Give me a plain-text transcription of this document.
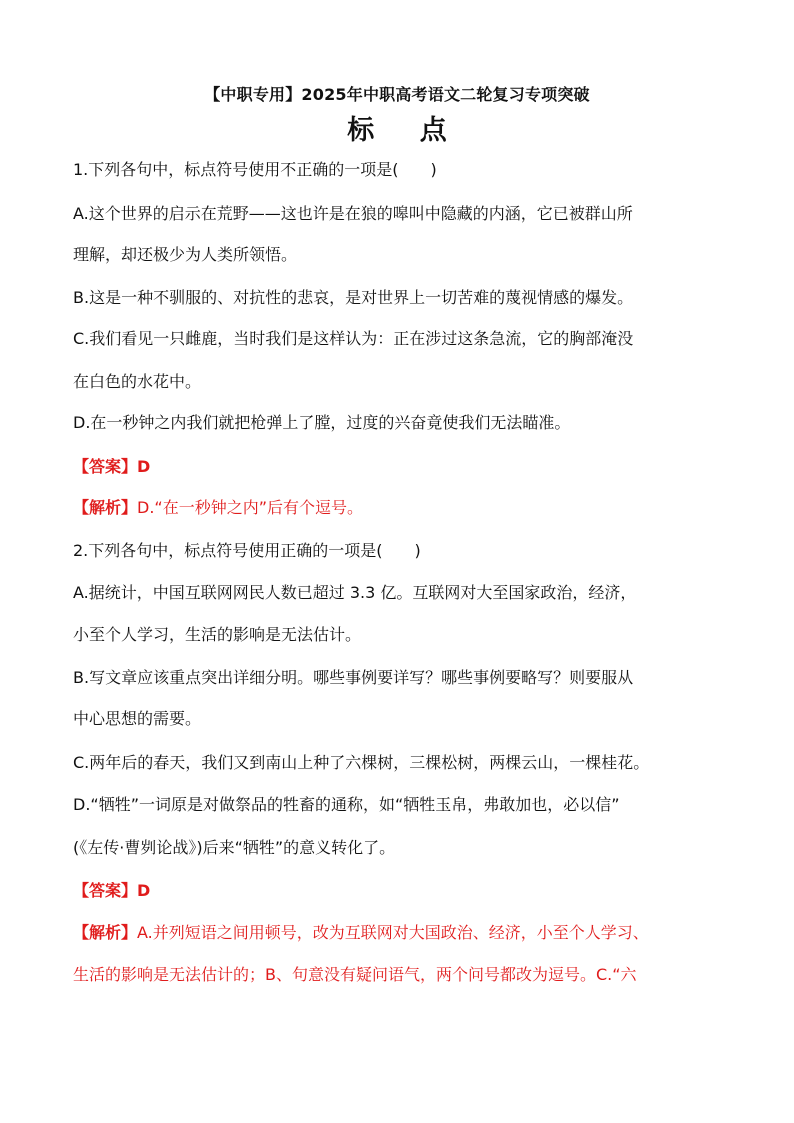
【中职专用】2025年中职高考语文二轮复习专项突破
标 点
1.下列各句中，标点符号使用不正确的一项是(　　)
A.这个世界的启示在荒野——这也许是在狼的嗥叫中隐藏的内涵，它已被群山所
理解，却还极少为人类所领悟。
B.这是一种不驯服的、对抗性的悲哀，是对世界上一切苦难的蔑视情感的爆发。
C.我们看见一只雌鹿，当时我们是这样认为：正在涉过这条急流，它的胸部淹没
在白色的水花中。
D.在一秒钟之内我们就把枪弹上了膛，过度的兴奋竟使我们无法瞄准。
【答案】D
【解析】D.“在一秒钟之内”后有个逗号。
2.下列各句中，标点符号使用正确的一项是(　　)
A.据统计，中国互联网网民人数已超过 3.3 亿。互联网对大至国家政治，经济，
小至个人学习，生活的影响是无法估计。
B.写文章应该重点突出详细分明。哪些事例要详写？哪些事例要略写？则要服从
中心思想的需要。
C.两年后的春天，我们又到南山上种了六棵树，三棵松树，两棵云山，一棵桂花。
D.“牺牲”一词原是对做祭品的牲畜的通称，如“牺牲玉帛，弗敢加也，必以信”
(《左传·曹刿论战》)后来“牺牲”的意义转化了。
【答案】D
【解析】A.并列短语之间用顿号，改为互联网对大国政治、经济，小至个人学习、
生活的影响是无法估计的；B、句意没有疑问语气，两个问号都改为逗号。C.“六
